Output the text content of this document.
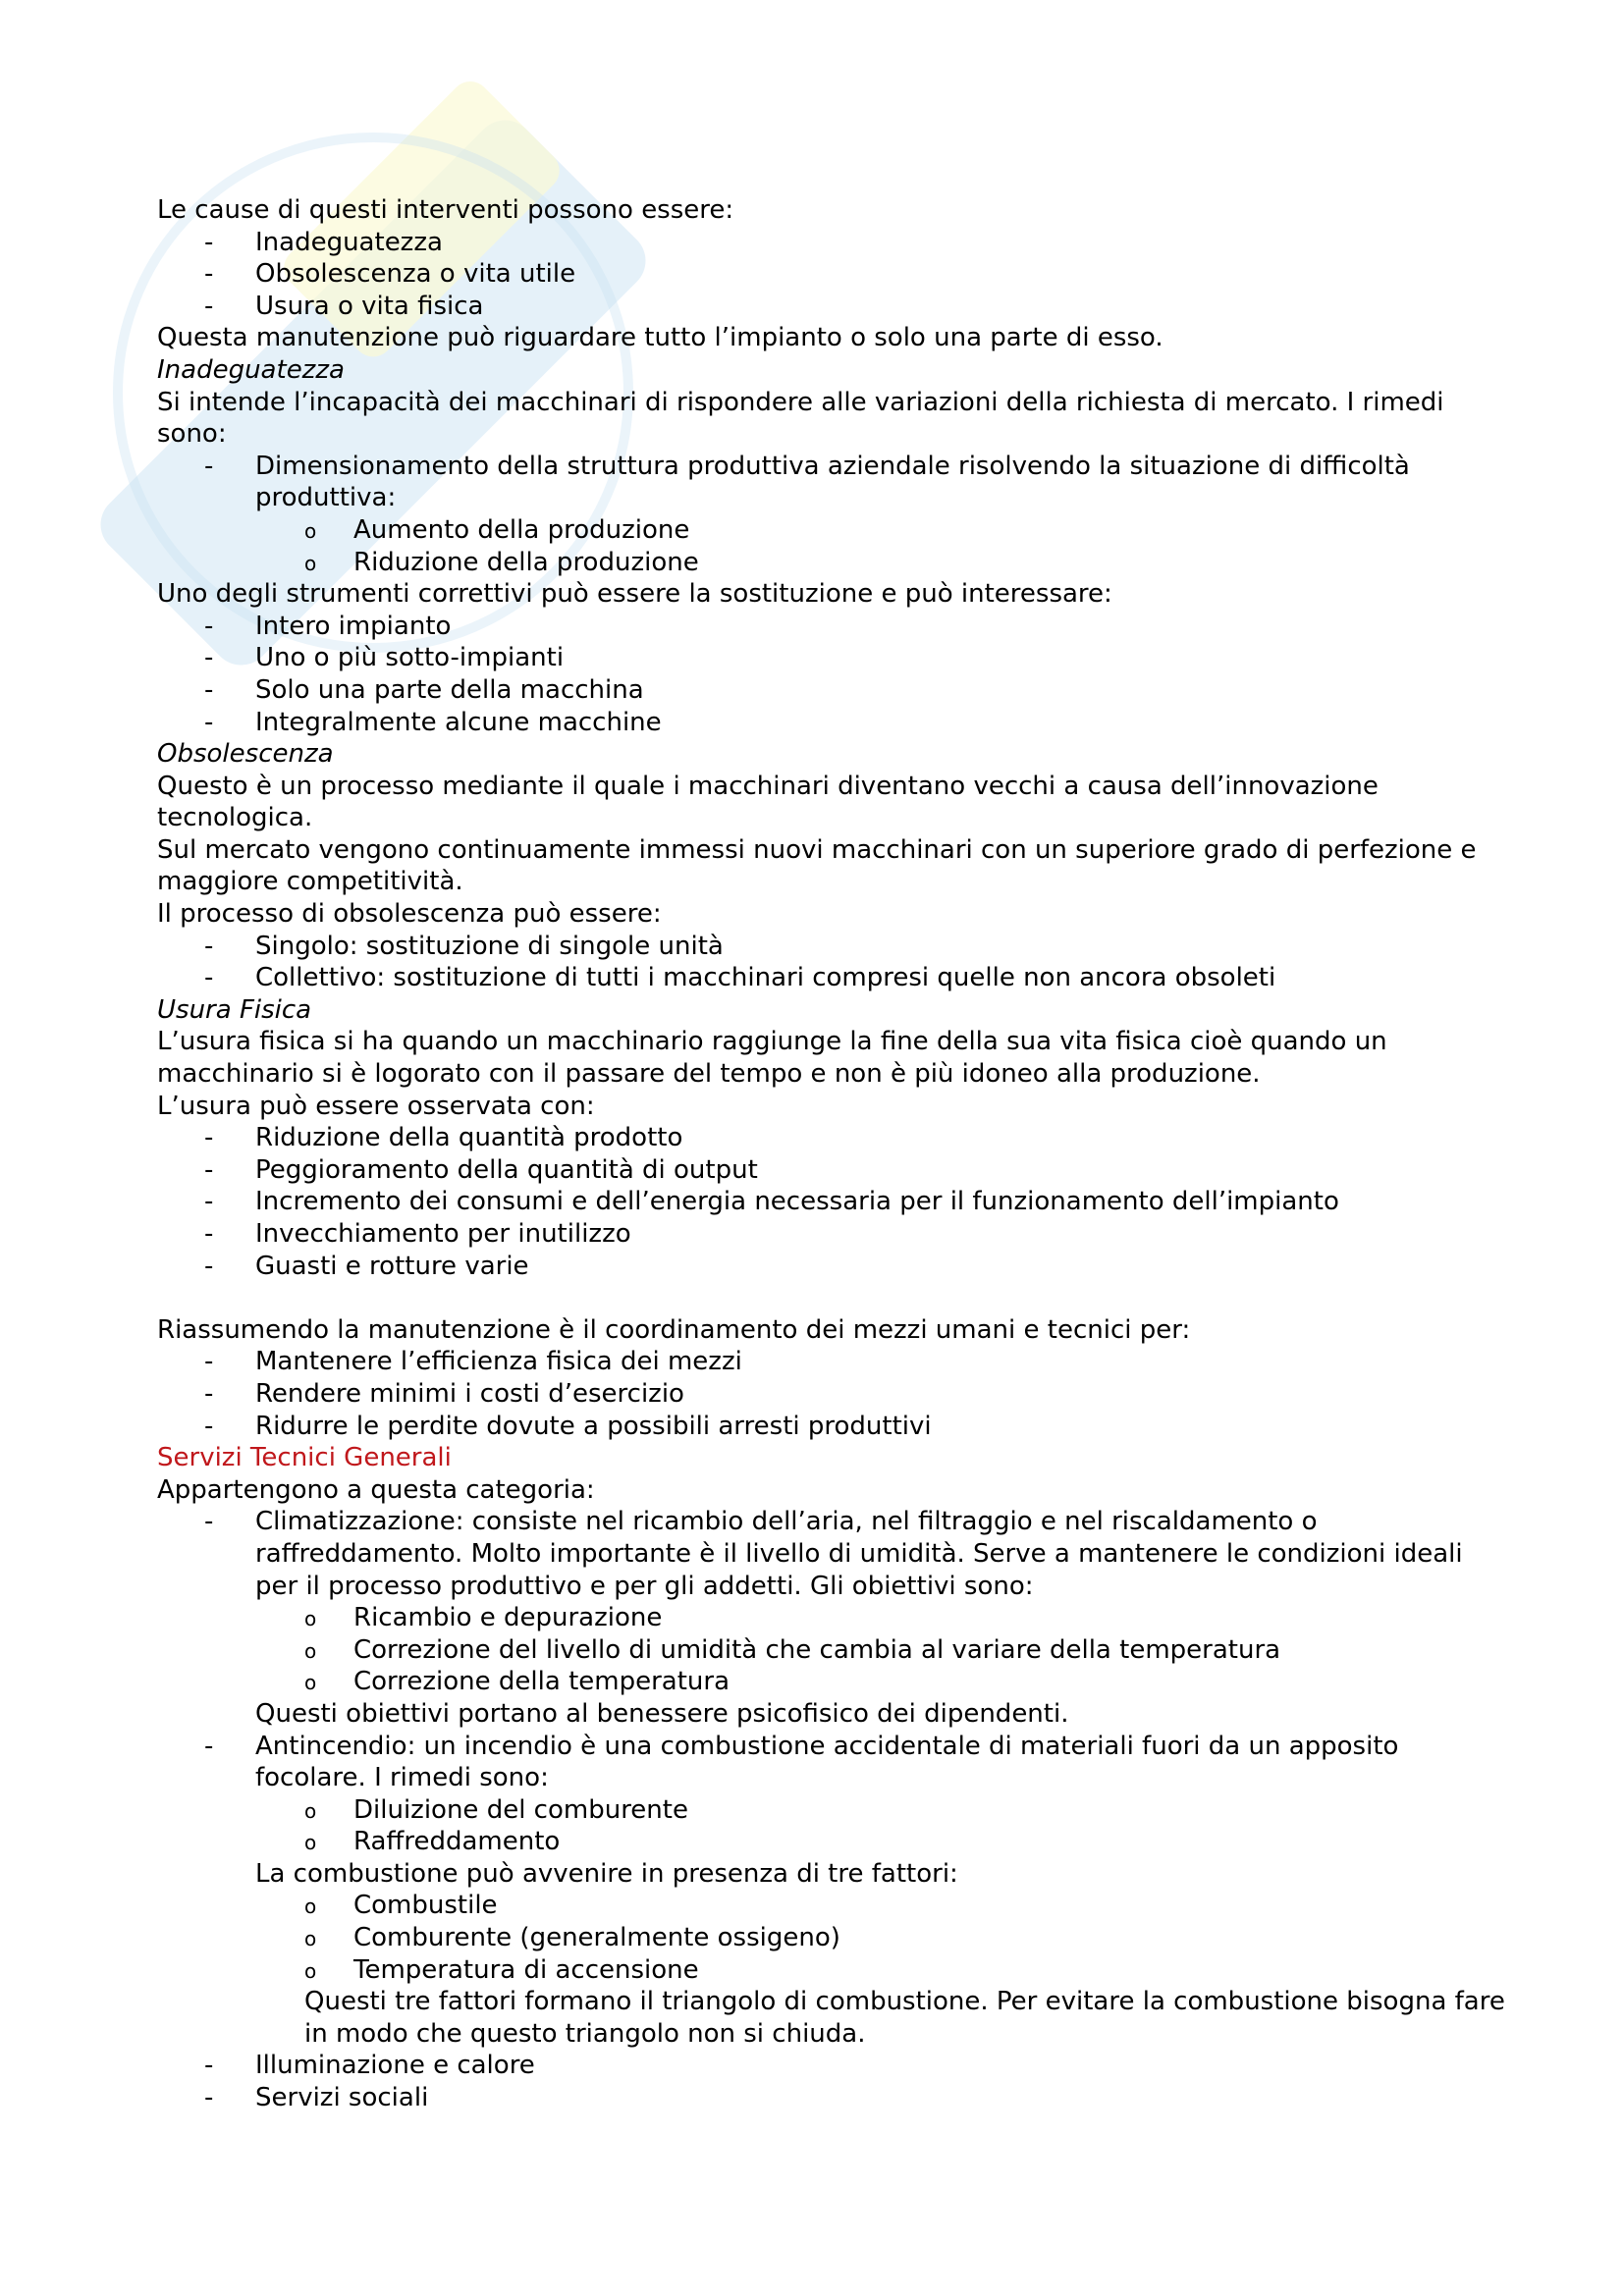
Le cause di questi interventi possono essere:

- Inadeguatezza
- Obsolescenza o vita utile
- Usura o vita fisica

Questa manutenzione può riguardare tutto l’impianto o solo una parte di esso.

Inadeguatezza

Si intende l’incapacità dei macchinari di rispondere alle variazioni della richiesta di mercato. I rimedi sono:

- Dimensionamento della struttura produttiva aziendale risolvendo la situazione di difficoltà produttiva:
o Aumento della produzione
o Riduzione della produzione

Uno degli strumenti correttivi può essere la sostituzione e può interessare:

- Intero impianto
- Uno o più sotto-impianti
- Solo una parte della macchina
- Integralmente alcune macchine

Obsolescenza

Questo è un processo mediante il quale i macchinari diventano vecchi a causa dell’innovazione tecnologica.

Sul mercato vengono continuamente immessi nuovi macchinari con un superiore grado di perfezione e maggiore competitività.

Il processo di obsolescenza può essere:

- Singolo: sostituzione di singole unità
- Collettivo: sostituzione di tutti i macchinari compresi quelle non ancora obsoleti

Usura Fisica

L’usura fisica si ha quando un macchinario raggiunge la fine della sua vita fisica cioè quando un macchinario si è logorato con il passare del tempo e non è più idoneo alla produzione.

L’usura può essere osservata con:

- Riduzione della quantità prodotto
- Peggioramento della quantità di output
- Incremento dei consumi e dell’energia necessaria per il funzionamento dell’impianto
- Invecchiamento per inutilizzo
- Guasti e rotture varie

Riassumendo la manutenzione è il coordinamento dei mezzi umani e tecnici per:

- Mantenere l’efficienza fisica dei mezzi
- Rendere minimi i costi d’esercizio
- Ridurre le perdite dovute a possibili arresti produttivi

Servizi Tecnici Generali

Appartengono a questa categoria:

- Climatizzazione: consiste nel ricambio dell’aria, nel filtraggio e nel riscaldamento o raffreddamento. Molto importante è il livello di umidità. Serve a mantenere le condizioni ideali per il processo produttivo e per gli addetti. Gli obiettivi sono:
o Ricambio e depurazione
o Correzione del livello di umidità che cambia al variare della temperatura
o Correzione della temperatura

Questi obiettivi portano al benessere psicofisico dei dipendenti.

- Antincendio: un incendio è una combustione accidentale di materiali fuori da un apposito focolare. I rimedi sono:
o Diluizione del comburente
o Raffreddamento

La combustione può avvenire in presenza di tre fattori:

o Combustile
o Comburente (generalmente ossigeno)
o Temperatura di accensione

Questi tre fattori formano il triangolo di combustione. Per evitare la combustione bisogna fare in modo che questo triangolo non si chiuda.

- Illuminazione e calore
- Servizi sociali
